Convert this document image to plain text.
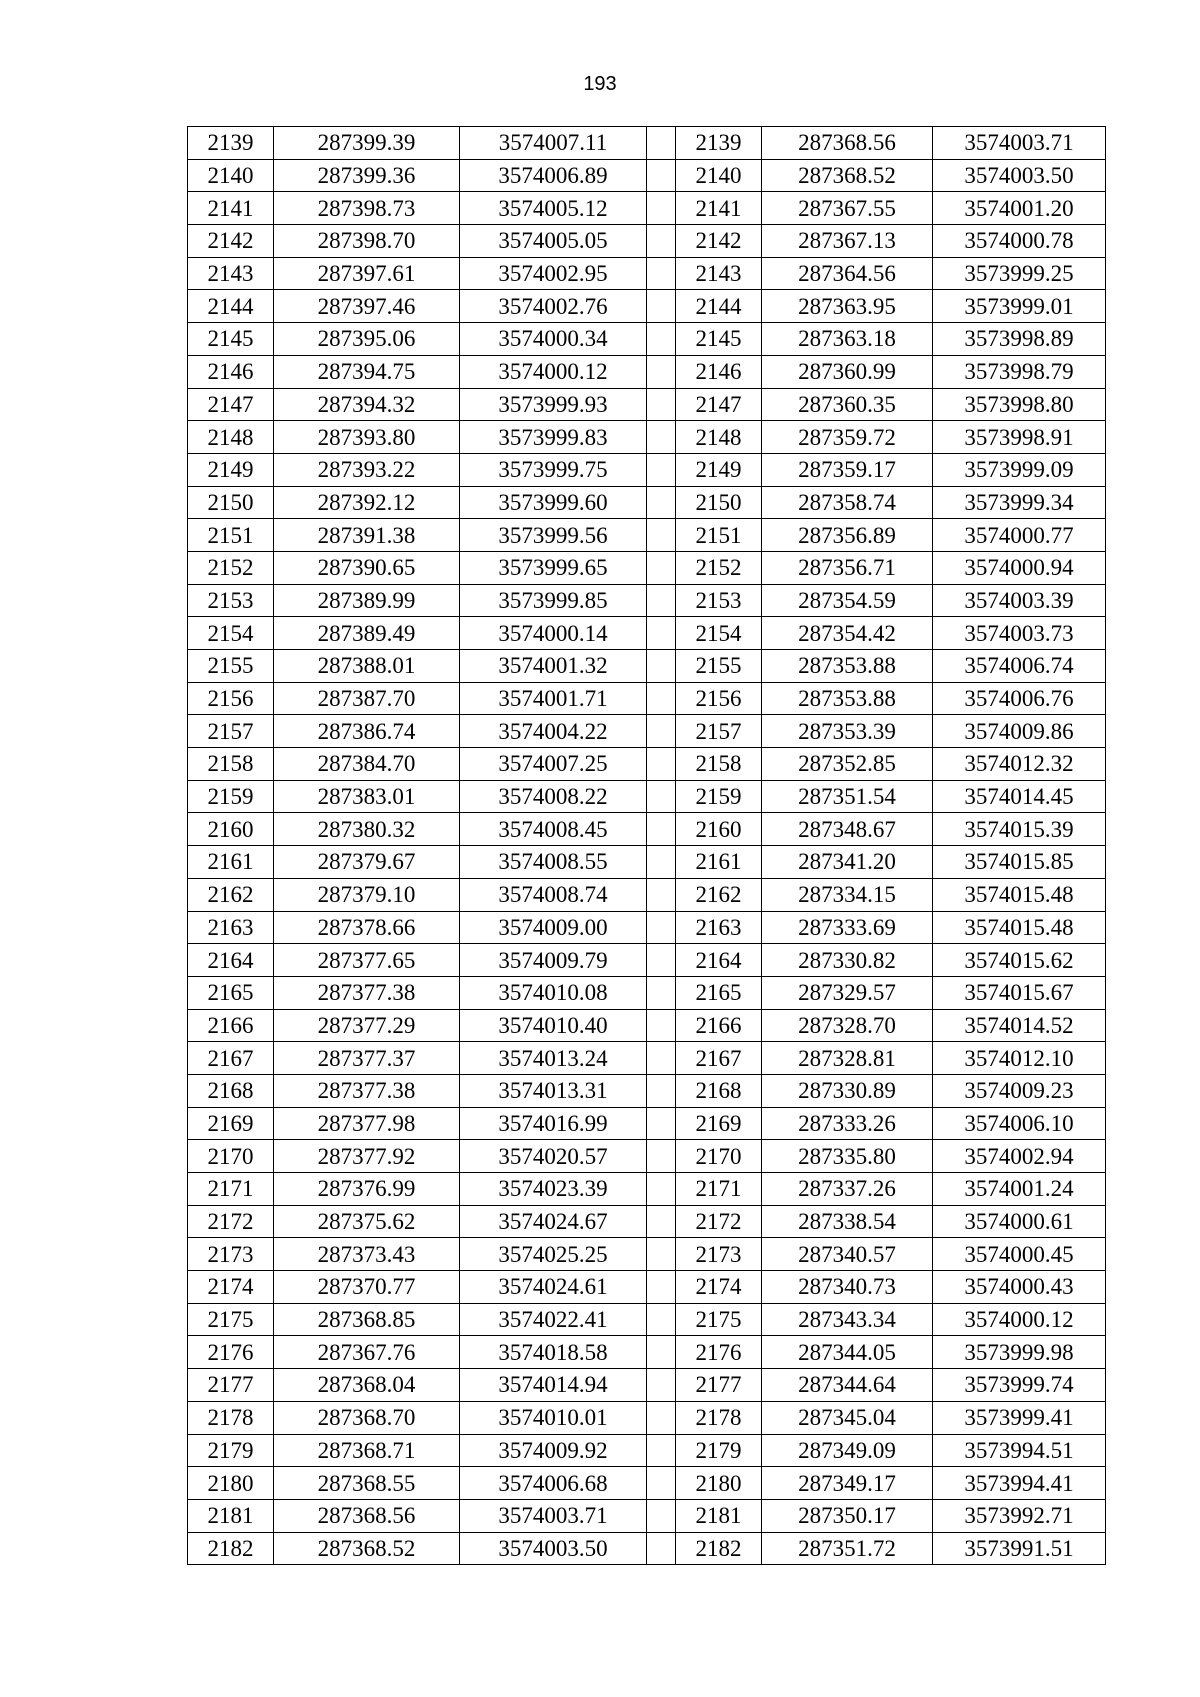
193
2139	287399.39	3574007.11		2139	287368.56	3574003.71
2140	287399.36	3574006.89		2140	287368.52	3574003.50
2141	287398.73	3574005.12		2141	287367.55	3574001.20
2142	287398.70	3574005.05		2142	287367.13	3574000.78
2143	287397.61	3574002.95		2143	287364.56	3573999.25
2144	287397.46	3574002.76		2144	287363.95	3573999.01
2145	287395.06	3574000.34		2145	287363.18	3573998.89
2146	287394.75	3574000.12		2146	287360.99	3573998.79
2147	287394.32	3573999.93		2147	287360.35	3573998.80
2148	287393.80	3573999.83		2148	287359.72	3573998.91
2149	287393.22	3573999.75		2149	287359.17	3573999.09
2150	287392.12	3573999.60		2150	287358.74	3573999.34
2151	287391.38	3573999.56		2151	287356.89	3574000.77
2152	287390.65	3573999.65		2152	287356.71	3574000.94
2153	287389.99	3573999.85		2153	287354.59	3574003.39
2154	287389.49	3574000.14		2154	287354.42	3574003.73
2155	287388.01	3574001.32		2155	287353.88	3574006.74
2156	287387.70	3574001.71		2156	287353.88	3574006.76
2157	287386.74	3574004.22		2157	287353.39	3574009.86
2158	287384.70	3574007.25		2158	287352.85	3574012.32
2159	287383.01	3574008.22		2159	287351.54	3574014.45
2160	287380.32	3574008.45		2160	287348.67	3574015.39
2161	287379.67	3574008.55		2161	287341.20	3574015.85
2162	287379.10	3574008.74		2162	287334.15	3574015.48
2163	287378.66	3574009.00		2163	287333.69	3574015.48
2164	287377.65	3574009.79		2164	287330.82	3574015.62
2165	287377.38	3574010.08		2165	287329.57	3574015.67
2166	287377.29	3574010.40		2166	287328.70	3574014.52
2167	287377.37	3574013.24		2167	287328.81	3574012.10
2168	287377.38	3574013.31		2168	287330.89	3574009.23
2169	287377.98	3574016.99		2169	287333.26	3574006.10
2170	287377.92	3574020.57		2170	287335.80	3574002.94
2171	287376.99	3574023.39		2171	287337.26	3574001.24
2172	287375.62	3574024.67		2172	287338.54	3574000.61
2173	287373.43	3574025.25		2173	287340.57	3574000.45
2174	287370.77	3574024.61		2174	287340.73	3574000.43
2175	287368.85	3574022.41		2175	287343.34	3574000.12
2176	287367.76	3574018.58		2176	287344.05	3573999.98
2177	287368.04	3574014.94		2177	287344.64	3573999.74
2178	287368.70	3574010.01		2178	287345.04	3573999.41
2179	287368.71	3574009.92		2179	287349.09	3573994.51
2180	287368.55	3574006.68		2180	287349.17	3573994.41
2181	287368.56	3574003.71		2181	287350.17	3573992.71
2182	287368.52	3574003.50		2182	287351.72	3573991.51
